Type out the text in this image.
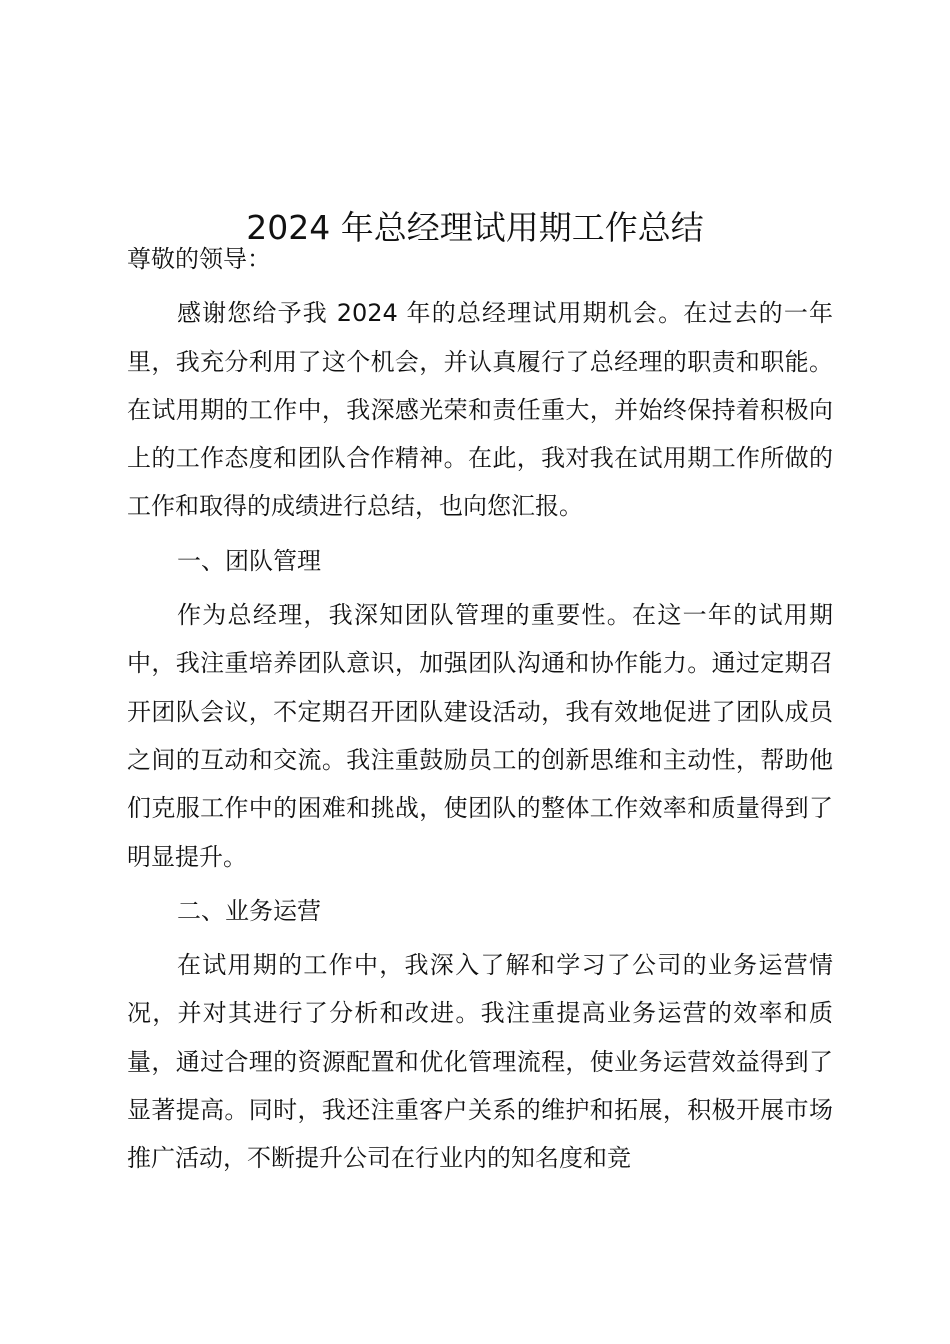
2024 年总经理试用期工作总结

尊敬的领导：

感谢您给予我 2024 年的总经理试用期机会。在过去的一年里，我充分利用了这个机会，并认真履行了总经理的职责和职能。在试用期的工作中，我深感光荣和责任重大，并始终保持着积极向上的工作态度和团队合作精神。在此，我对我在试用期工作所做的工作和取得的成绩进行总结，也向您汇报。

一、团队管理

作为总经理，我深知团队管理的重要性。在这一年的试用期中，我注重培养团队意识，加强团队沟通和协作能力。通过定期召开团队会议，不定期召开团队建设活动，我有效地促进了团队成员之间的互动和交流。我注重鼓励员工的创新思维和主动性，帮助他们克服工作中的困难和挑战，使团队的整体工作效率和质量得到了明显提升。

二、业务运营

在试用期的工作中，我深入了解和学习了公司的业务运营情况，并对其进行了分析和改进。我注重提高业务运营的效率和质量，通过合理的资源配置和优化管理流程，使业务运营效益得到了显著提高。同时，我还注重客户关系的维护和拓展，积极开展市场推广活动，不断提升公司在行业内的知名度和竞
